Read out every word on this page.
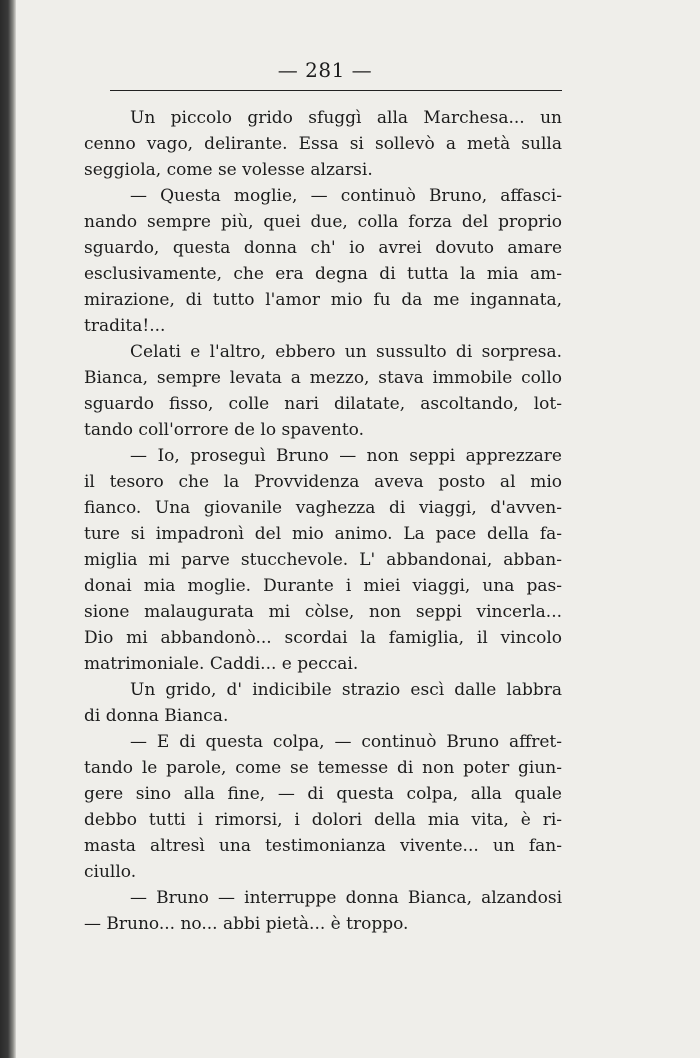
— 281 —
Un piccolo grido sfuggì alla Marchesa... un
cenno vago, delirante. Essa si sollevò a metà sulla
seggiola, come se volesse alzarsi.
— Questa moglie, — continuò Bruno, affasci-
nando sempre più, quei due, colla forza del proprio
sguardo, questa donna ch' io avrei dovuto amare
esclusivamente, che era degna di tutta la mia am-
mirazione, di tutto l'amor mio fu da me ingannata,
tradita!...
Celati e l'altro, ebbero un sussulto di sorpresa.
Bianca, sempre levata a mezzo, stava immobile collo
sguardo fisso, colle nari dilatate, ascoltando, lot-
tando coll'orrore de lo spavento.
— Io, proseguì Bruno — non seppi apprezzare
il tesoro che la Provvidenza aveva posto al mio
fianco. Una giovanile vaghezza di viaggi, d'avven-
ture si impadronì del mio animo. La pace della fa-
miglia mi parve stucchevole. L' abbandonai, abban-
donai mia moglie. Durante i miei viaggi, una pas-
sione malaugurata mi còlse, non seppi vincerla...
Dio mi abbandonò... scordai la famiglia, il vincolo
matrimoniale. Caddi... e peccai.
Un grido, d' indicibile strazio escì dalle labbra
di donna Bianca.
— E di questa colpa, — continuò Bruno affret-
tando le parole, come se temesse di non poter giun-
gere sino alla fine, — di questa colpa, alla quale
debbo tutti i rimorsi, i dolori della mia vita, è ri-
masta altresì una testimonianza vivente... un fan-
ciullo.
— Bruno — interruppe donna Bianca, alzandosi
— Bruno... no... abbi pietà... è troppo.
